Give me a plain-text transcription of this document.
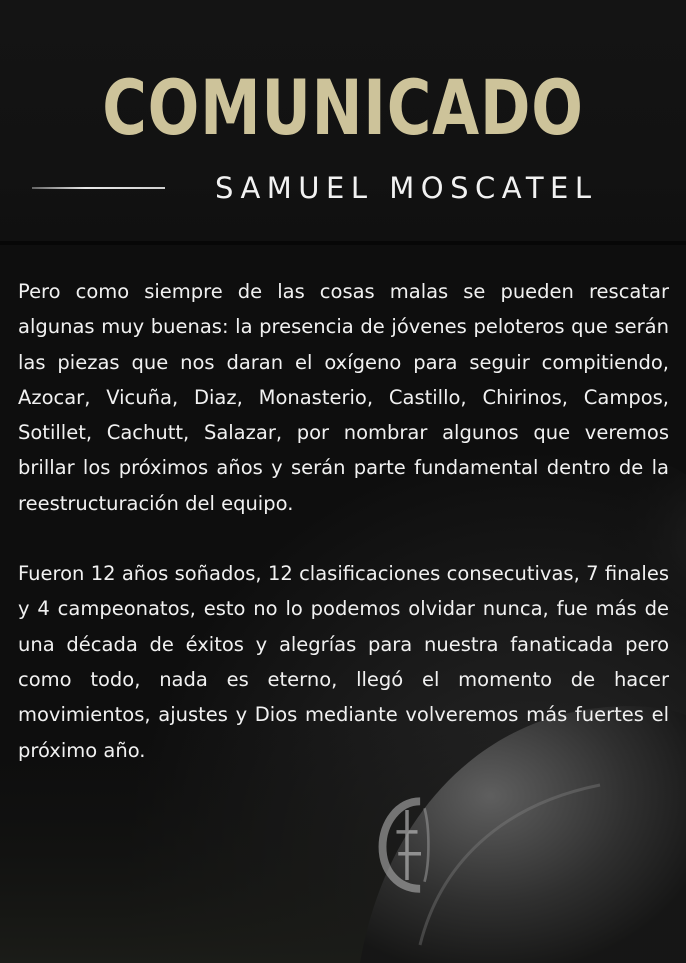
COMUNICADO
SAMUEL MOSCATEL

Pero como siempre de las cosas malas se pueden rescatar algunas muy buenas: la presencia de jóvenes peloteros que serán las piezas que nos daran el oxígeno para seguir compitiendo, Azocar, Vicuña, Diaz, Monasterio, Castillo, Chirinos, Campos, Sotillet, Cachutt, Salazar, por nombrar algunos que veremos brillar los próximos años y serán parte fundamental dentro de la reestructuración del equipo.

Fueron 12 años soñados, 12 clasificaciones consecutivas, 7 finales y 4 campeonatos, esto no lo podemos olvidar nunca, fue más de una década de éxitos y alegrías para nuestra fanaticada pero como todo, nada es eterno, llegó el momento de hacer movimientos, ajustes y Dios mediante volveremos más fuertes el próximo año.
